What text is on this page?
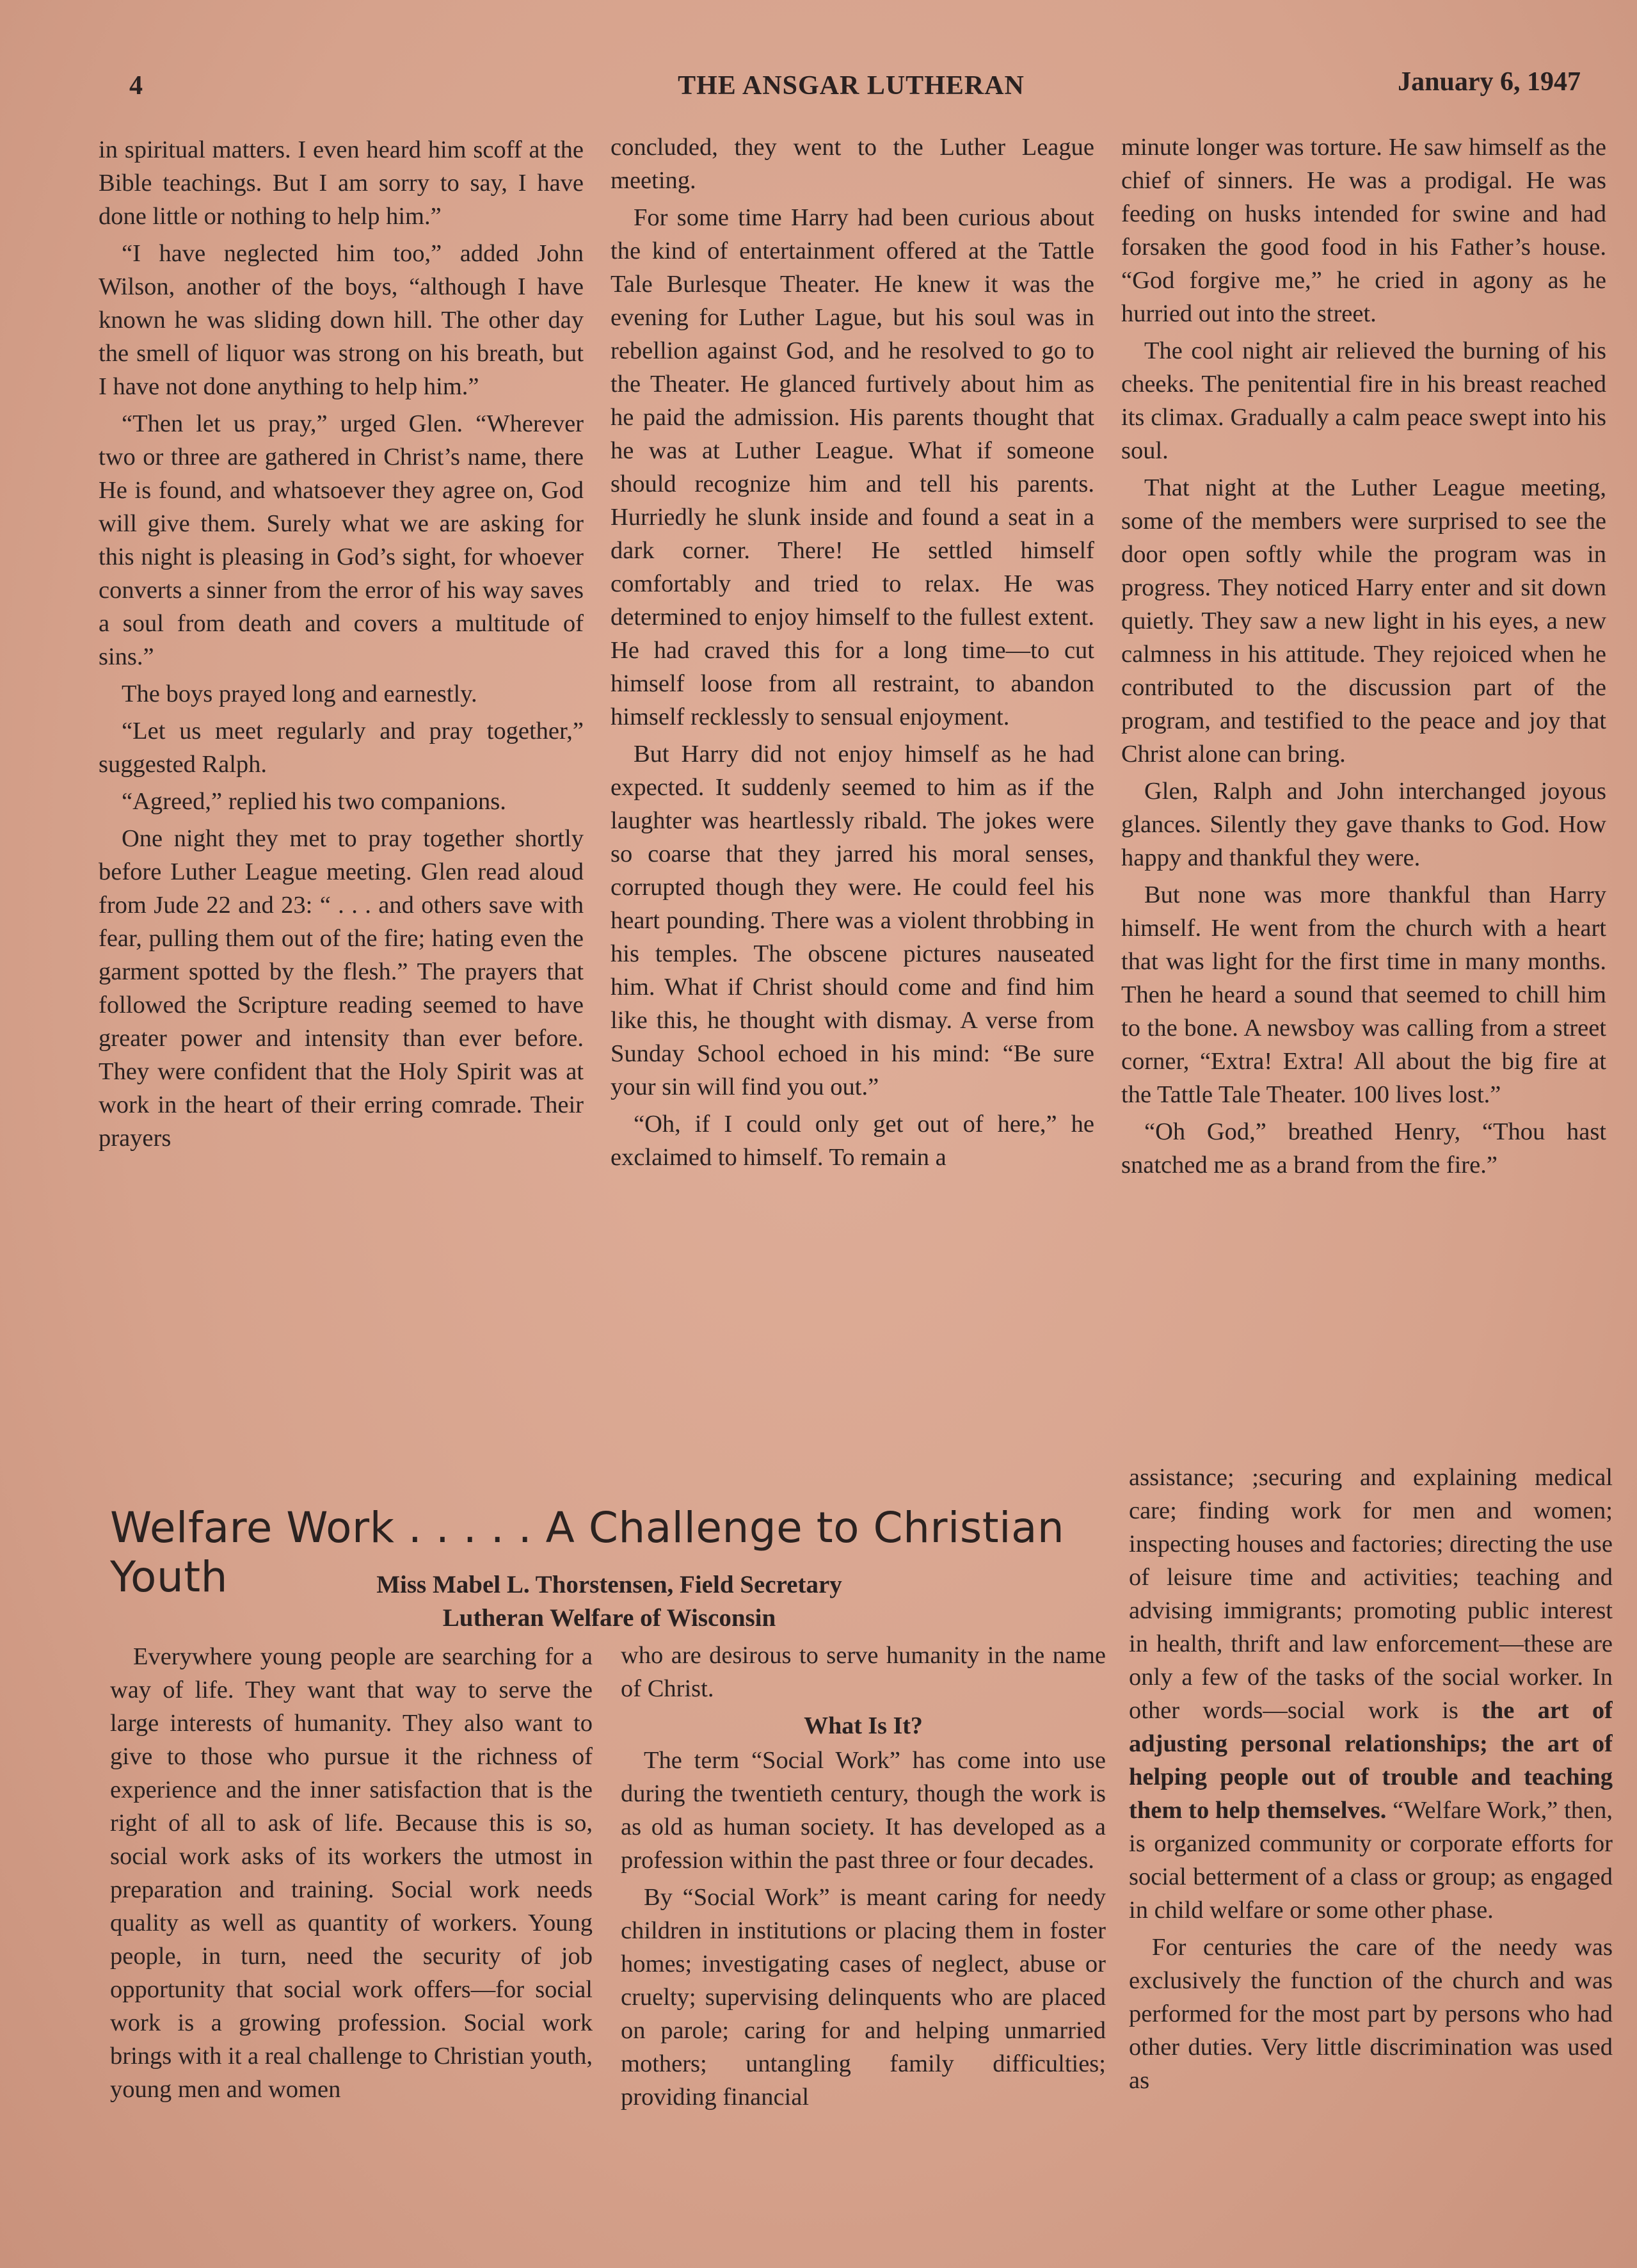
4	THE ANSGAR LUTHERAN	January 6, 1947

in spiritual matters. I even heard him scoff at the Bible teachings. But I am sorry to say, I have done little or nothing to help him.”

“I have neglected him too,” added John Wilson, another of the boys, “although I have known he was sliding down hill. The other day the smell of liquor was strong on his breath, but I have not done anything to help him.”

“Then let us pray,” urged Glen. “Wherever two or three are gathered in Christ’s name, there He is found, and whatsoever they agree on, God will give them. Surely what we are asking for this night is pleasing in God’s sight, for whoever converts a sinner from the error of his way saves a soul from death and covers a multitude of sins.”

The boys prayed long and earnestly.

“Let us meet regularly and pray together,” suggested Ralph.

“Agreed,” replied his two companions.

One night they met to pray together shortly before Luther League meeting. Glen read aloud from Jude 22 and 23: “ . . . and others save with fear, pulling them out of the fire; hating even the garment spotted by the flesh.” The prayers that followed the Scripture reading seemed to have greater power and intensity than ever before. They were confident that the Holy Spirit was at work in the heart of their erring comrade. Their prayers

concluded, they went to the Luther League meeting.

For some time Harry had been curious about the kind of entertainment offered at the Tattle Tale Burlesque Theater. He knew it was the evening for Luther Lague, but his soul was in rebellion against God, and he resolved to go to the Theater. He glanced furtively about him as he paid the admission. His parents thought that he was at Luther League. What if someone should recognize him and tell his parents. Hurriedly he slunk inside and found a seat in a dark corner. There! He settled himself comfortably and tried to relax. He was determined to enjoy himself to the fullest extent. He had craved this for a long time—to cut himself loose from all restraint, to abandon himself recklessly to sensual enjoyment.

But Harry did not enjoy himself as he had expected. It suddenly seemed to him as if the laughter was heartlessly ribald. The jokes were so coarse that they jarred his moral senses, corrupted though they were. He could feel his heart pounding. There was a violent throbbing in his temples. The obscene pictures nauseated him. What if Christ should come and find him like this, he thought with dismay. A verse from Sunday School echoed in his mind: “Be sure your sin will find you out.”

“Oh, if I could only get out of here,” he exclaimed to himself. To remain a

minute longer was torture. He saw himself as the chief of sinners. He was a prodigal. He was feeding on husks intended for swine and had forsaken the good food in his Father’s house. “God forgive me,” he cried in agony as he hurried out into the street.

The cool night air relieved the burning of his cheeks. The penitential fire in his breast reached its climax. Gradually a calm peace swept into his soul.

That night at the Luther League meeting, some of the members were surprised to see the door open softly while the program was in progress. They noticed Harry enter and sit down quietly. They saw a new light in his eyes, a new calmness in his attitude. They rejoiced when he contributed to the discussion part of the program, and testified to the peace and joy that Christ alone can bring.

Glen, Ralph and John interchanged joyous glances. Silently they gave thanks to God. How happy and thankful they were.

But none was more thankful than Harry himself. He went from the church with a heart that was light for the first time in many months. Then he heard a sound that seemed to chill him to the bone. A newsboy was calling from a street corner, “Extra! Extra! All about the big fire at the Tattle Tale Theater. 100 lives lost.”

“Oh God,” breathed Henry, “Thou hast snatched me as a brand from the fire.”

Welfare Work . . . . . A Challenge to Christian Youth	Miss Mabel L. Thorstensen, Field Secretary
Lutheran Welfare of Wisconsin

Everywhere young people are searching for a way of life. They want that way to serve the large interests of humanity. They also want to give to those who pursue it the richness of experience and the inner satisfaction that is the right of all to ask of life. Because this is so, social work asks of its workers the utmost in preparation and training. Social work needs quality as well as quantity of workers. Young people, in turn, need the security of job opportunity that social work offers—for social work is a growing profession. Social work brings with it a real challenge to Christian youth, young men and women

who are desirous to serve humanity in the name of Christ.

What Is It?

The term “Social Work” has come into use during the twentieth century, though the work is as old as human society. It has developed as a profession within the past three or four decades.

By “Social Work” is meant caring for needy children in institutions or placing them in foster homes; investigating cases of neglect, abuse or cruelty; supervising delinquents who are placed on parole; caring for and helping unmarried mothers; untangling family difficulties; providing financial

assistance; ;securing and explaining medical care; finding work for men and women; inspecting houses and factories; directing the use of leisure time and activities; teaching and advising immigrants; promoting public interest in health, thrift and law enforcement—these are only a few of the tasks of the social worker. In other words—social work is the art of adjusting personal relationships; the art of helping people out of trouble and teaching them to help themselves. “Welfare Work,” then, is organized community or corporate efforts for social betterment of a class or group; as engaged in child welfare or some other phase.

For centuries the care of the needy was exclusively the function of the church and was performed for the most part by persons who had other duties. Very little discrimination was used as
